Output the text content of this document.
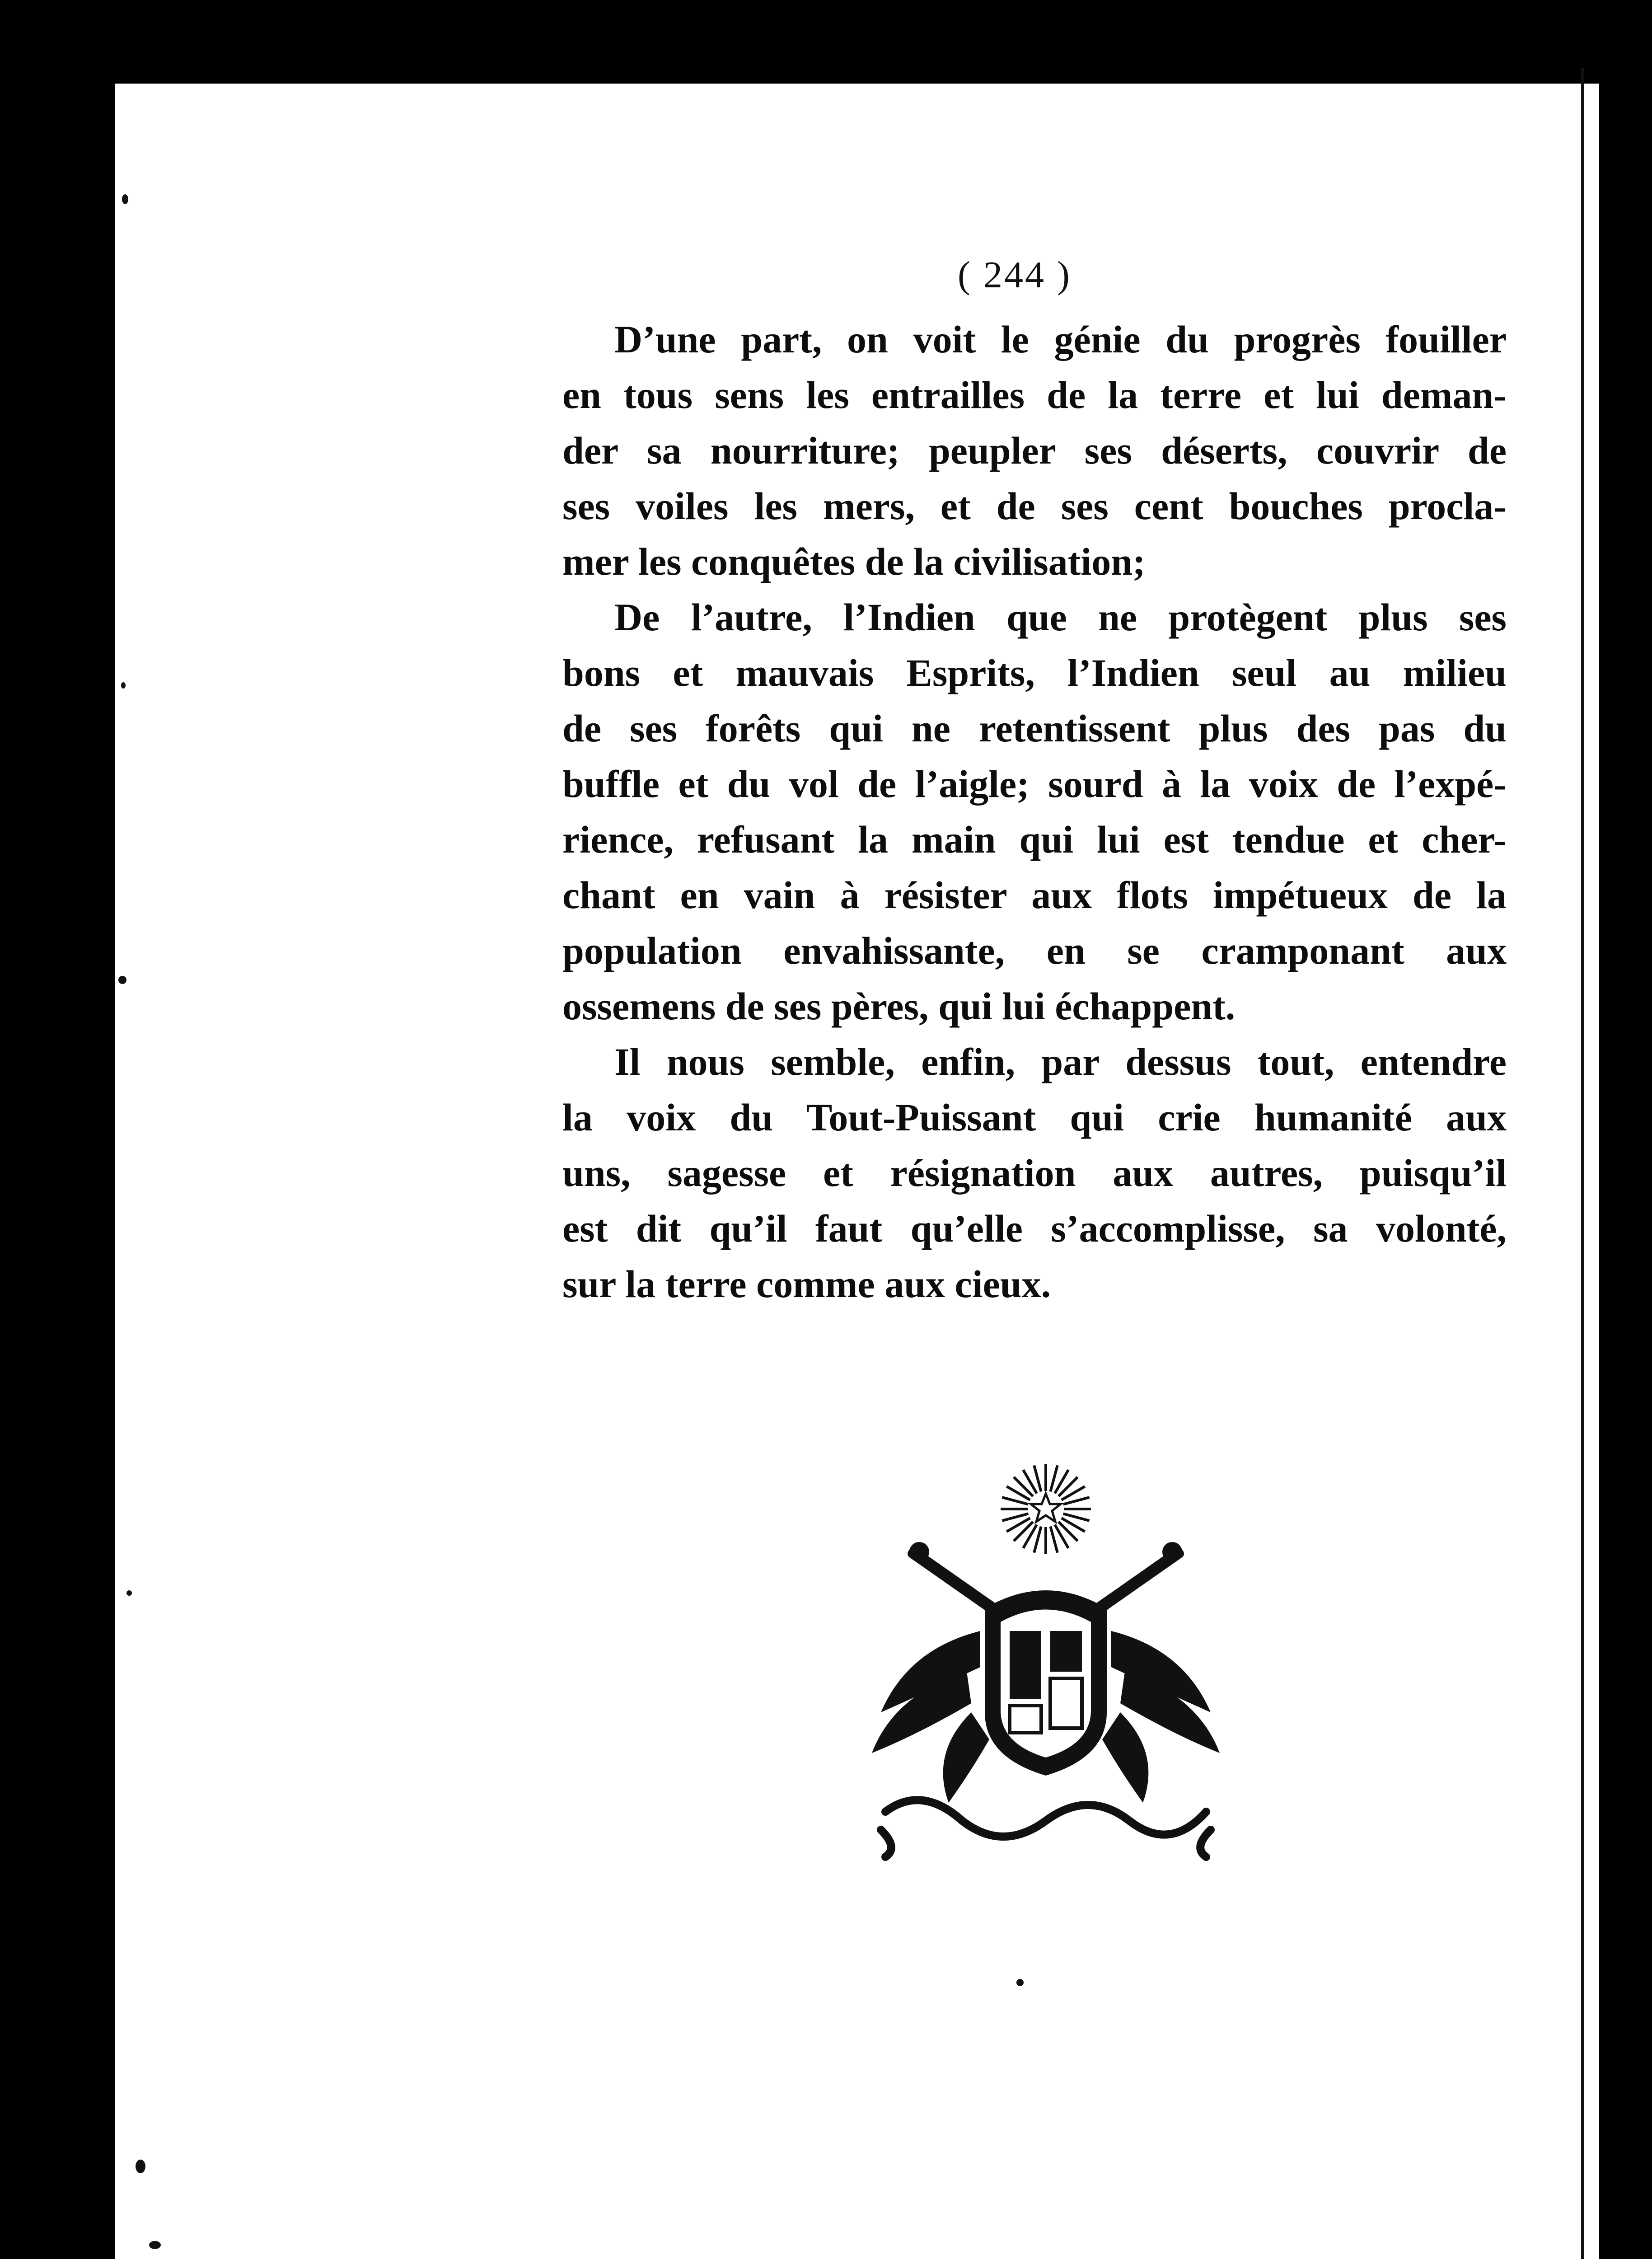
( 244 )
D’une part, on voit le génie du progrès fouiller
en tous sens les entrailles de la terre et lui deman-
der sa nourriture; peupler ses déserts, couvrir de
ses voiles les mers, et de ses cent bouches procla-
mer les conquêtes de la civilisation;
De l’autre, l’Indien que ne protègent plus ses
bons et mauvais Esprits, l’Indien seul au milieu
de ses forêts qui ne retentissent plus des pas du
buffle et du vol de l’aigle; sourd à la voix de l’expé-
rience, refusant la main qui lui est tendue et cher-
chant en vain à résister aux flots impétueux de la
population envahissante, en se cramponant aux
ossemens de ses pères, qui lui échappent.
Il nous semble, enfin, par dessus tout, entendre
la voix du Tout-Puissant qui crie humanité aux
uns, sagesse et résignation aux autres, puisqu’il
est dit qu’il faut qu’elle s’accomplisse, sa volonté,
sur la terre comme aux cieux.
